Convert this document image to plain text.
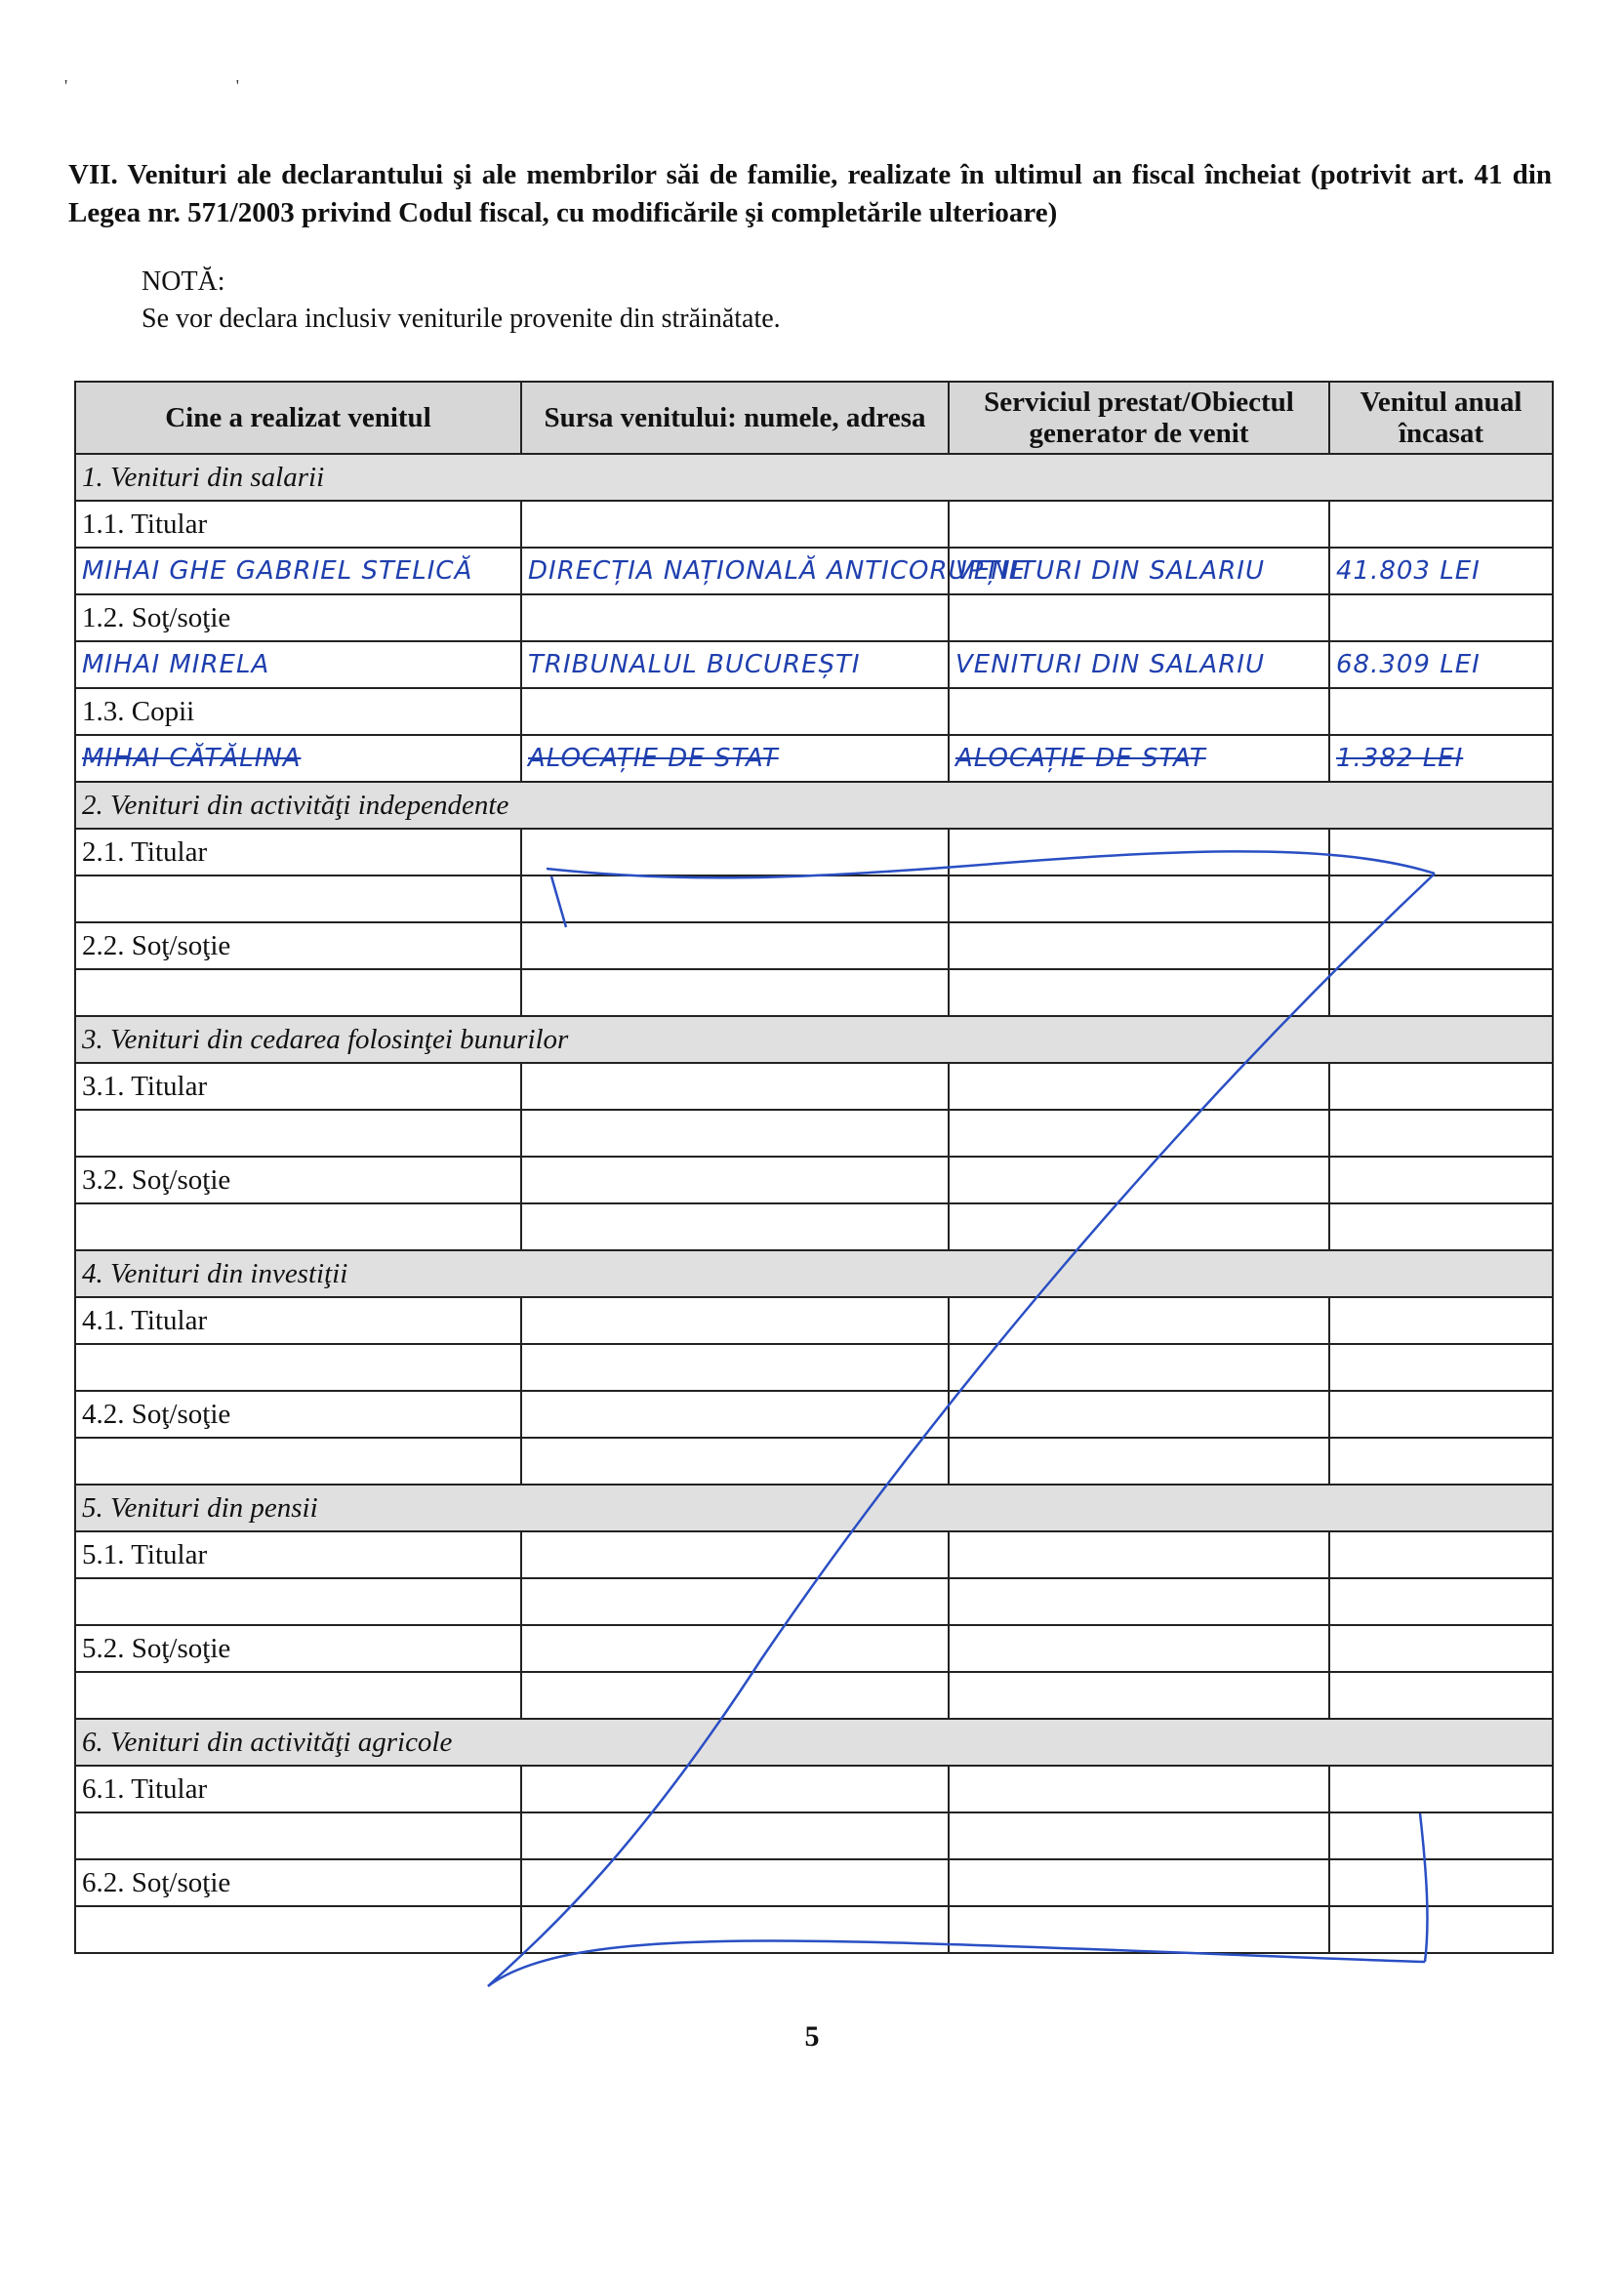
' '
VII. Venituri ale declarantului şi ale membrilor săi de familie, realizate în ultimul an fiscal încheiat (potrivit art. 41 din Legea nr. 571/2003 privind Codul fiscal, cu modificările şi completările ulterioare)
NOTĂ:
Se vor declara inclusiv veniturile provenite din străinătate.
Cine a realizat venitul	Sursa venitului: numele, adresa	Serviciul prestat/Obiectul generator de venit	Venitul anual încasat
1. Venituri din salarii			
1.1. Titular			
MIHAI GHE GABRIEL STELICĂ	DIRECȚIA NAȚIONALĂ ANTICORUPȚIE	VENITURI DIN SALARIU	41.803 LEI
1.2. Soţ/soţie			
MIHAI MIRELA	TRIBUNALUL BUCUREȘTI	VENITURI DIN SALARIU	68.309 LEI
1.3. Copii			
MIHAI CĂTĂLINA	ALOCAȚIE DE STAT	ALOCAȚIE DE STAT	1.382 LEI
2. Venituri din activităţi independente			
2.1. Titular			

2.2. Soţ/soţie			

3. Venituri din cedarea folosinţei bunurilor			
3.1. Titular			

3.2. Soţ/soţie			

4. Venituri din investiţii			
4.1. Titular			

4.2. Soţ/soţie			

5. Venituri din pensii			
5.1. Titular			

5.2. Soţ/soţie			

6. Venituri din activităţi agricole			
6.1. Titular			

6.2. Soţ/soţie			

5
